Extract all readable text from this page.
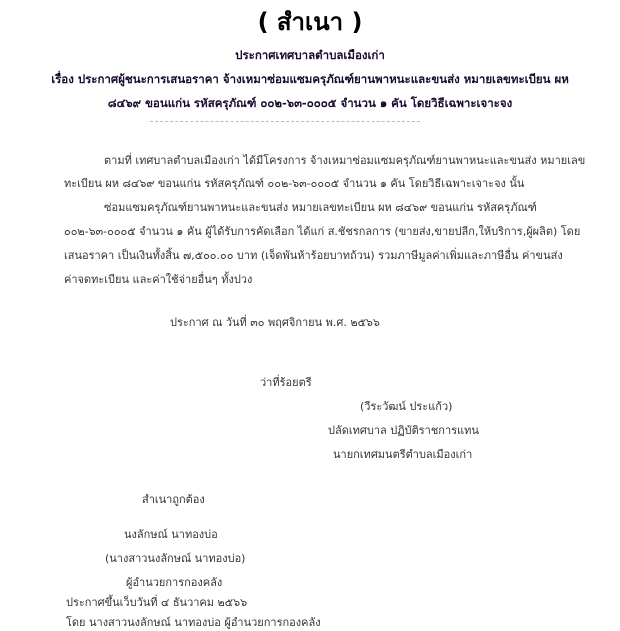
( สำเนา )
ประกาศเทศบาลตำบลเมืองเก่า
เรื่อง ประกาศผู้ชนะการเสนอราคา จ้างเหมาซ่อมแซมครุภัณฑ์ยานพาหนะและขนส่ง หมายเลขทะเบียน ผห
๘๔๖๙ ขอนแก่น รหัสครุภัณฑ์ ๐๐๒-๖๓-๐๐๐๕ จำนวน ๑ คัน โดยวิธีเฉพาะเจาะจง
ตามที่ เทศบาลตำบลเมืองเก่า ได้มีโครงการ จ้างเหมาซ่อมแซมครุภัณฑ์ยานพาหนะและขนส่ง หมายเลข
ทะเบียน ผห ๘๔๖๙ ขอนแก่น รหัสครุภัณฑ์ ๐๐๒-๖๓-๐๐๐๕ จำนวน ๑ คัน โดยวิธีเฉพาะเจาะจง นั้น
ซ่อมแซมครุภัณฑ์ยานพาหนะและขนส่ง หมายเลขทะเบียน ผห ๘๔๖๙ ขอนแก่น รหัสครุภัณฑ์
๐๐๒-๖๓-๐๐๐๕ จำนวน ๑ คัน ผู้ได้รับการคัดเลือก ได้แก่ ส.ชัชรกลการ (ขายส่ง,ขายปลีก,ให้บริการ,ผู้ผลิต) โดย
เสนอราคา เป็นเงินทั้งสิ้น ๗,๕๐๐.๐๐ บาท (เจ็ดพันห้าร้อยบาทถ้วน) รวมภาษีมูลค่าเพิ่มและภาษีอื่น ค่าขนส่ง
ค่าจดทะเบียน และค่าใช้จ่ายอื่นๆ ทั้งปวง
ประกาศ ณ วันที่ ๓๐ พฤศจิกายน พ.ศ. ๒๕๖๖
ว่าที่ร้อยตรี
(วีระวัฒน์ ประแก้ว)
ปลัดเทศบาล ปฏิบัติราชการแทน
นายกเทศมนตรีตำบลเมืองเก่า
สำเนาถูกต้อง
นงลักษณ์ นาทองบ่อ
(นางสาวนงลักษณ์ นาทองบ่อ)
ผู้อำนวยการกองคลัง
ประกาศขึ้นเว็บวันที่ ๔ ธันวาคม ๒๕๖๖
โดย นางสาวนงลักษณ์ นาทองบ่อ ผู้อำนวยการกองคลัง
